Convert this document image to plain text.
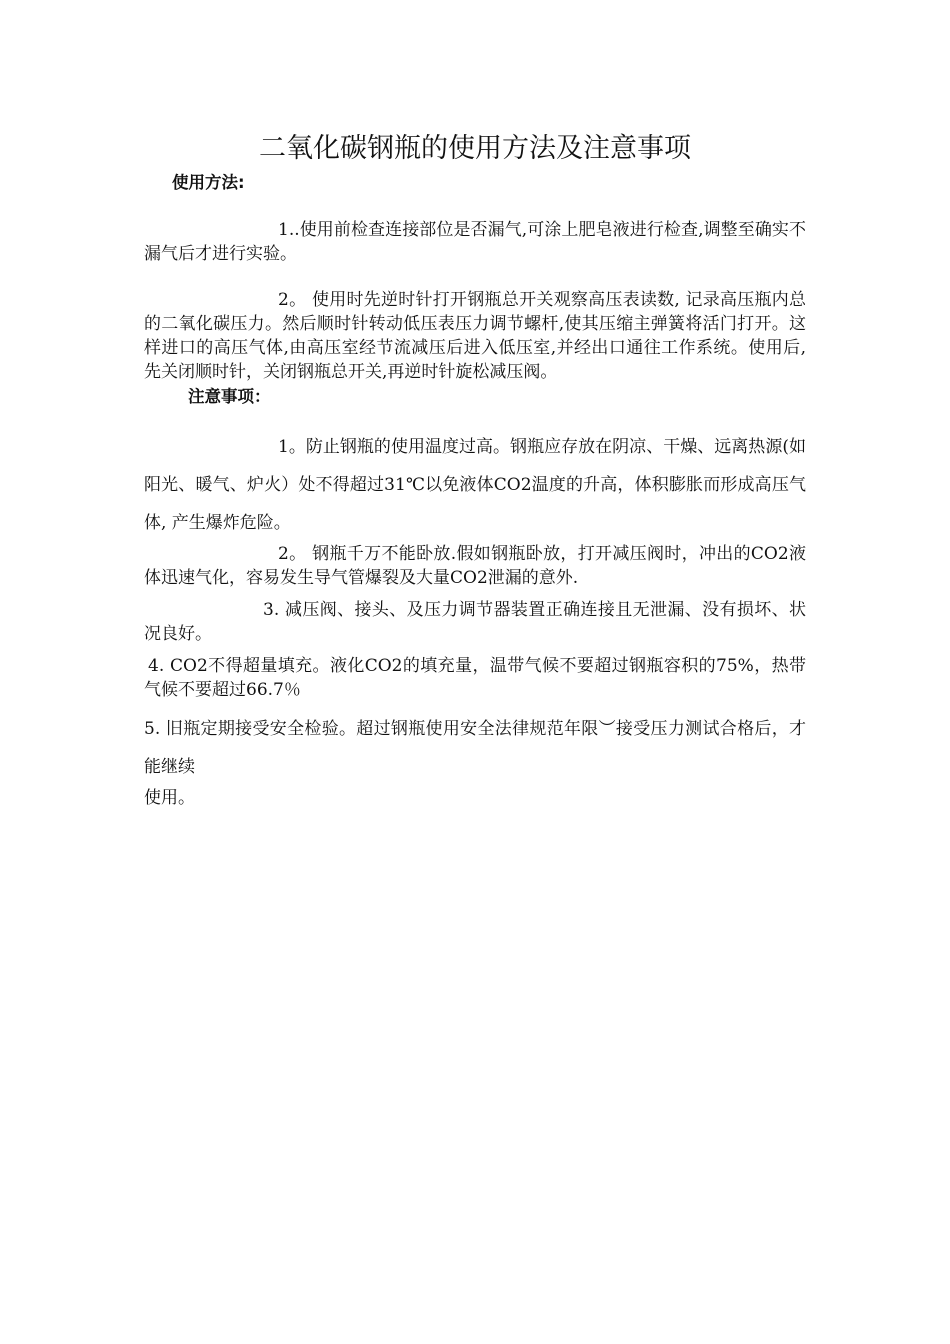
二氧化碳钢瓶的使用方法及注意事项
使用方法:

1..使用前检查连接部位是否漏气,可涂上肥皂液进行检查,调整至确实不漏气后才进行实验。

2。 使用时先逆时针打开钢瓶总开关观察高压表读数, 记录高压瓶内总的二氧化碳压力。然后顺时针转动低压表压力调节螺杆,使其压缩主弹簧将活门打开。这样进口的高压气体,由高压室经节流减压后进入低压室,并经出口通往工作系统。使用后, 先关闭顺时针，关闭钢瓶总开关,再逆时针旋松减压阀。

注意事项：

1。防止钢瓶的使用温度过高。钢瓶应存放在阴凉、干燥、远离热源(如阳光、暖气、炉火）处不得超过31℃以免液体CO2温度的升高，体积膨胀而形成高压气体, 产生爆炸危险。

2。 钢瓶千万不能卧放.假如钢瓶卧放，打开减压阀时，冲出的CO2液体迅速气化，容易发生导气管爆裂及大量CO2泄漏的意外.

3. 减压阀、接头、及压力调节器装置正确连接且无泄漏、没有损坏、状况良好。

4. CO2不得超量填充。液化CO2的填充量，温带气候不要超过钢瓶容积的75%，热带气候不要超过66.7％

5. 旧瓶定期接受安全检验。超过钢瓶使用安全法律规范年限︶接受压力测试合格后，才能继续

使用。
